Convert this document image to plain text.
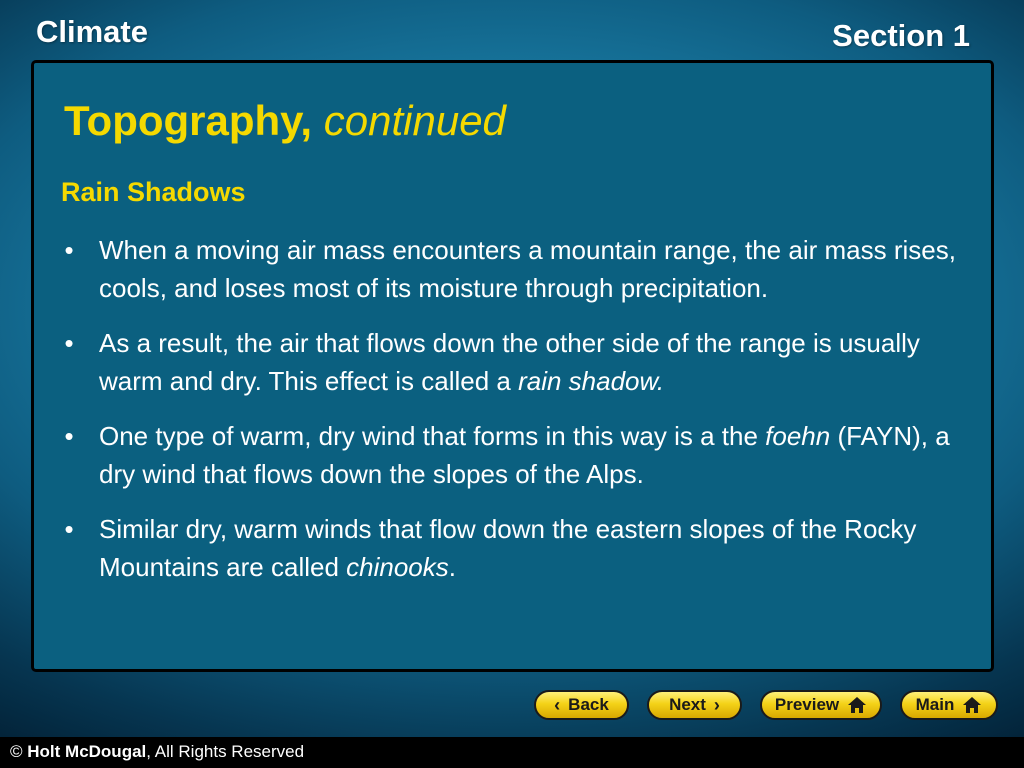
Climate	Section 1
Topography, continued
Rain Shadows
• When a moving air mass encounters a mountain range, the air mass rises, cools, and loses most of its moisture through precipitation.
• As a result, the air that flows down the other side of the range is usually warm and dry. This effect is called a rain shadow.
• One type of warm, dry wind that forms in this way is a the foehn (FAYN), a dry wind that flows down the slopes of the Alps.
• Similar dry, warm winds that flow down the eastern slopes of the Rocky Mountains are called chinooks.
‹ Back	Next ›	Preview	Main
© Holt McDougal, All Rights Reserved
